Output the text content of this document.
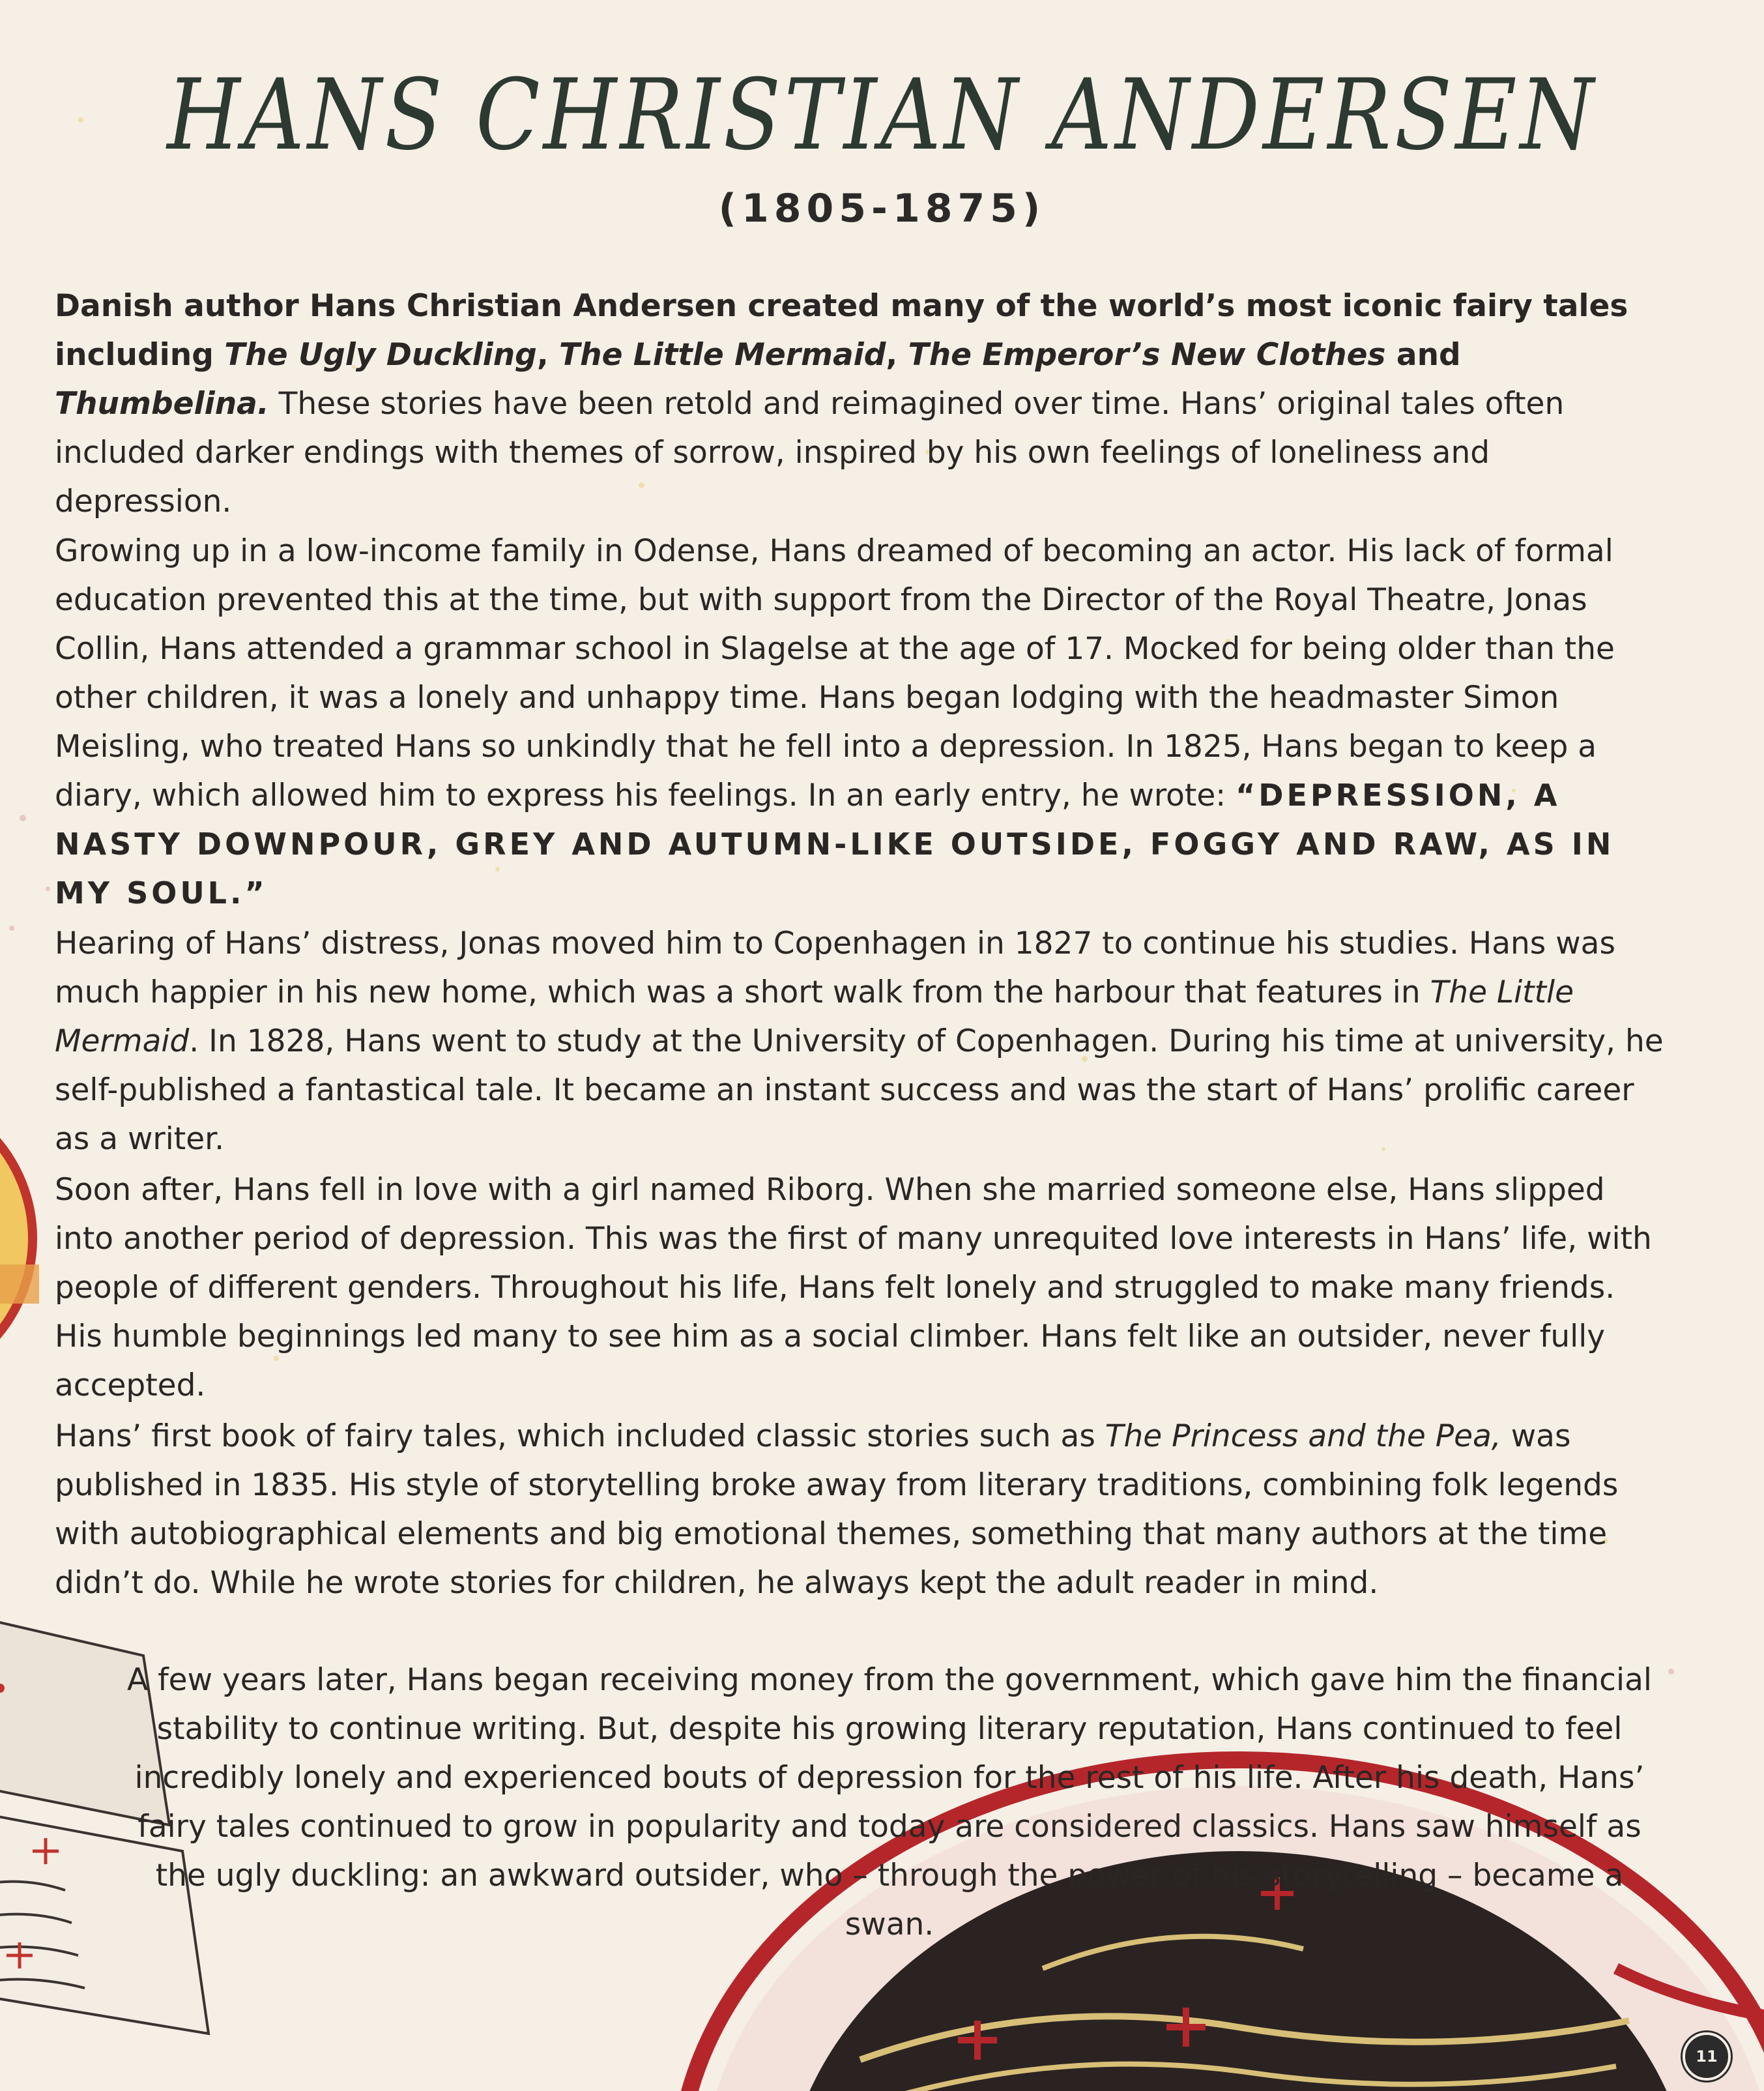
HANS CHRISTIAN ANDERSEN
(1805-1875)

Danish author Hans Christian Andersen created many of the world’s most iconic fairy tales including The Ugly Duckling, The Little Mermaid, The Emperor’s New Clothes and Thumbelina. These stories have been retold and reimagined over time. Hans’ original tales often included darker endings with themes of sorrow, inspired by his own feelings of loneliness and depression.

Growing up in a low-income family in Odense, Hans dreamed of becoming an actor. His lack of formal education prevented this at the time, but with support from the Director of the Royal Theatre, Jonas Collin, Hans attended a grammar school in Slagelse at the age of 17. Mocked for being older than the other children, it was a lonely and unhappy time. Hans began lodging with the headmaster Simon Meisling, who treated Hans so unkindly that he fell into a depression. In 1825, Hans began to keep a diary, which allowed him to express his feelings. In an early entry, he wrote: “DEPRESSION, A NASTY DOWNPOUR, GREY AND AUTUMN-LIKE OUTSIDE, FOGGY AND RAW, AS IN MY SOUL.”

Hearing of Hans’ distress, Jonas moved him to Copenhagen in 1827 to continue his studies. Hans was much happier in his new home, which was a short walk from the harbour that features in The Little Mermaid. In 1828, Hans went to study at the University of Copenhagen. During his time at university, he self-published a fantastical tale. It became an instant success and was the start of Hans’ prolific career as a writer.

Soon after, Hans fell in love with a girl named Riborg. When she married someone else, Hans slipped into another period of depression. This was the first of many unrequited love interests in Hans’ life, with people of different genders. Throughout his life, Hans felt lonely and struggled to make many friends. His humble beginnings led many to see him as a social climber. Hans felt like an outsider, never fully accepted.

Hans’ first book of fairy tales, which included classic stories such as The Princess and the Pea, was published in 1835. His style of storytelling broke away from literary traditions, combining folk legends with autobiographical elements and big emotional themes, something that many authors at the time didn’t do. While he wrote stories for children, he always kept the adult reader in mind.

A few years later, Hans began receiving money from the government, which gave him the financial stability to continue writing. But, despite his growing literary reputation, Hans continued to feel incredibly lonely and experienced bouts of depression for the rest of his life. After his death, Hans’ fairy tales continued to grow in popularity and today are considered classics. Hans saw himself as the ugly duckling: an awkward outsider, who – through the power of his storytelling – became a swan.

11
